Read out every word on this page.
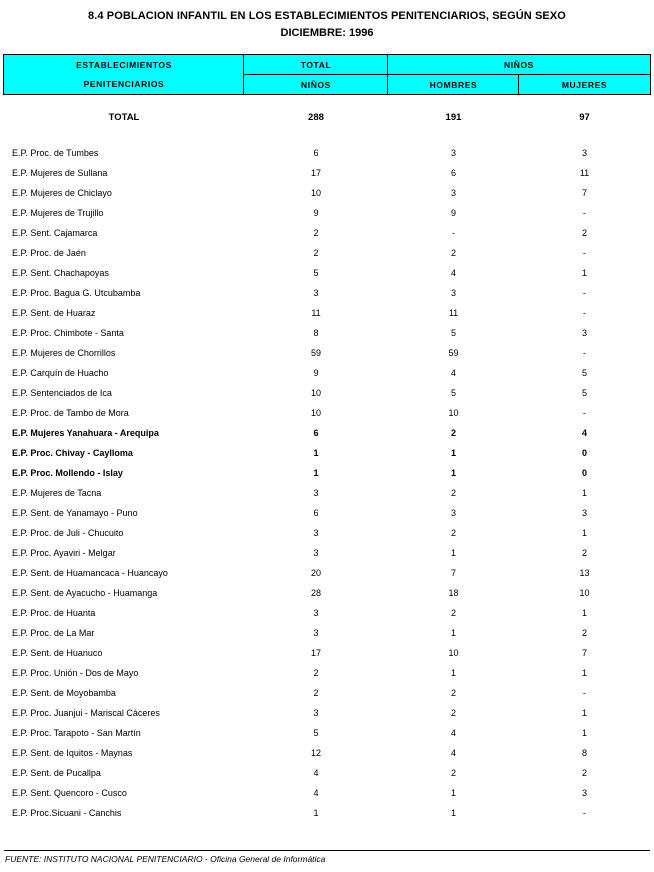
8.4 POBLACION INFANTIL EN LOS ESTABLECIMIENTOS PENITENCIARIOS, SEGÚN SEXO
DICIEMBRE: 1996
ESTABLECIMIENTOS
PENITENCIARIOS	TOTAL	NIÑOS	
	NIÑOS	HOMBRES	MUJERES

TOTAL	288	191	97

E.P. Proc. de Tumbes	6	3	3
E.P. Mujeres de Sullana	17	6	11
E.P. Mujeres de Chiclayo	10	3	7
E.P. Mujeres de Trujillo	9	9	-
E.P. Sent. Cajamarca	2	-	2
E.P. Proc. de Jaén	2	2	-
E.P. Sent. Chachapoyas	5	4	1
E.P. Proc. Bagua G. Utcubamba	3	3	-
E.P. Sent. de Huaraz	11	11	-
E.P. Proc. Chimbote - Santa	8	5	3
E.P. Mujeres de Chorrillos	59	59	-
E.P. Carquín de Huacho	9	4	5
E.P. Sentenciados de Ica	10	5	5
E.P. Proc. de Tambo de Mora	10	10	-
E.P. Mujeres Yanahuara - Arequipa	6	2	4
E.P. Proc. Chivay - Caylloma	1	1	0
E.P. Proc. Mollendo - Islay	1	1	0
E.P. Mujeres de Tacna	3	2	1
E.P. Sent. de Yanamayo - Puno	6	3	3
E.P. Proc. de Juli - Chucuito	3	2	1
E.P. Proc. Ayaviri - Melgar	3	1	2
E.P. Sent. de Huamancaca - Huancayo	20	7	13
E.P. Sent. de Ayacucho - Huamanga	28	18	10
E.P. Proc. de Huanta	3	2	1
E.P. Proc. de La Mar	3	1	2
E.P. Sent. de Huanuco	17	10	7
E.P. Proc. Unión - Dos de Mayo	2	1	1
E.P. Sent. de Moyobamba	2	2	-
E.P. Proc. Juanjui - Mariscal Cáceres	3	2	1
E.P. Proc. Tarapoto - San Martín	5	4	1
E.P. Sent. de Iquitos - Maynas	12	4	8
E.P. Sent. de Pucallpa	4	2	2
E.P. Sent. Quencoro - Cusco	4	1	3
E.P. Proc.Sicuani - Canchis	1	1	-
FUENTE: INSTITUTO NACIONAL PENITENCIARIO - Oficina General de Informática
